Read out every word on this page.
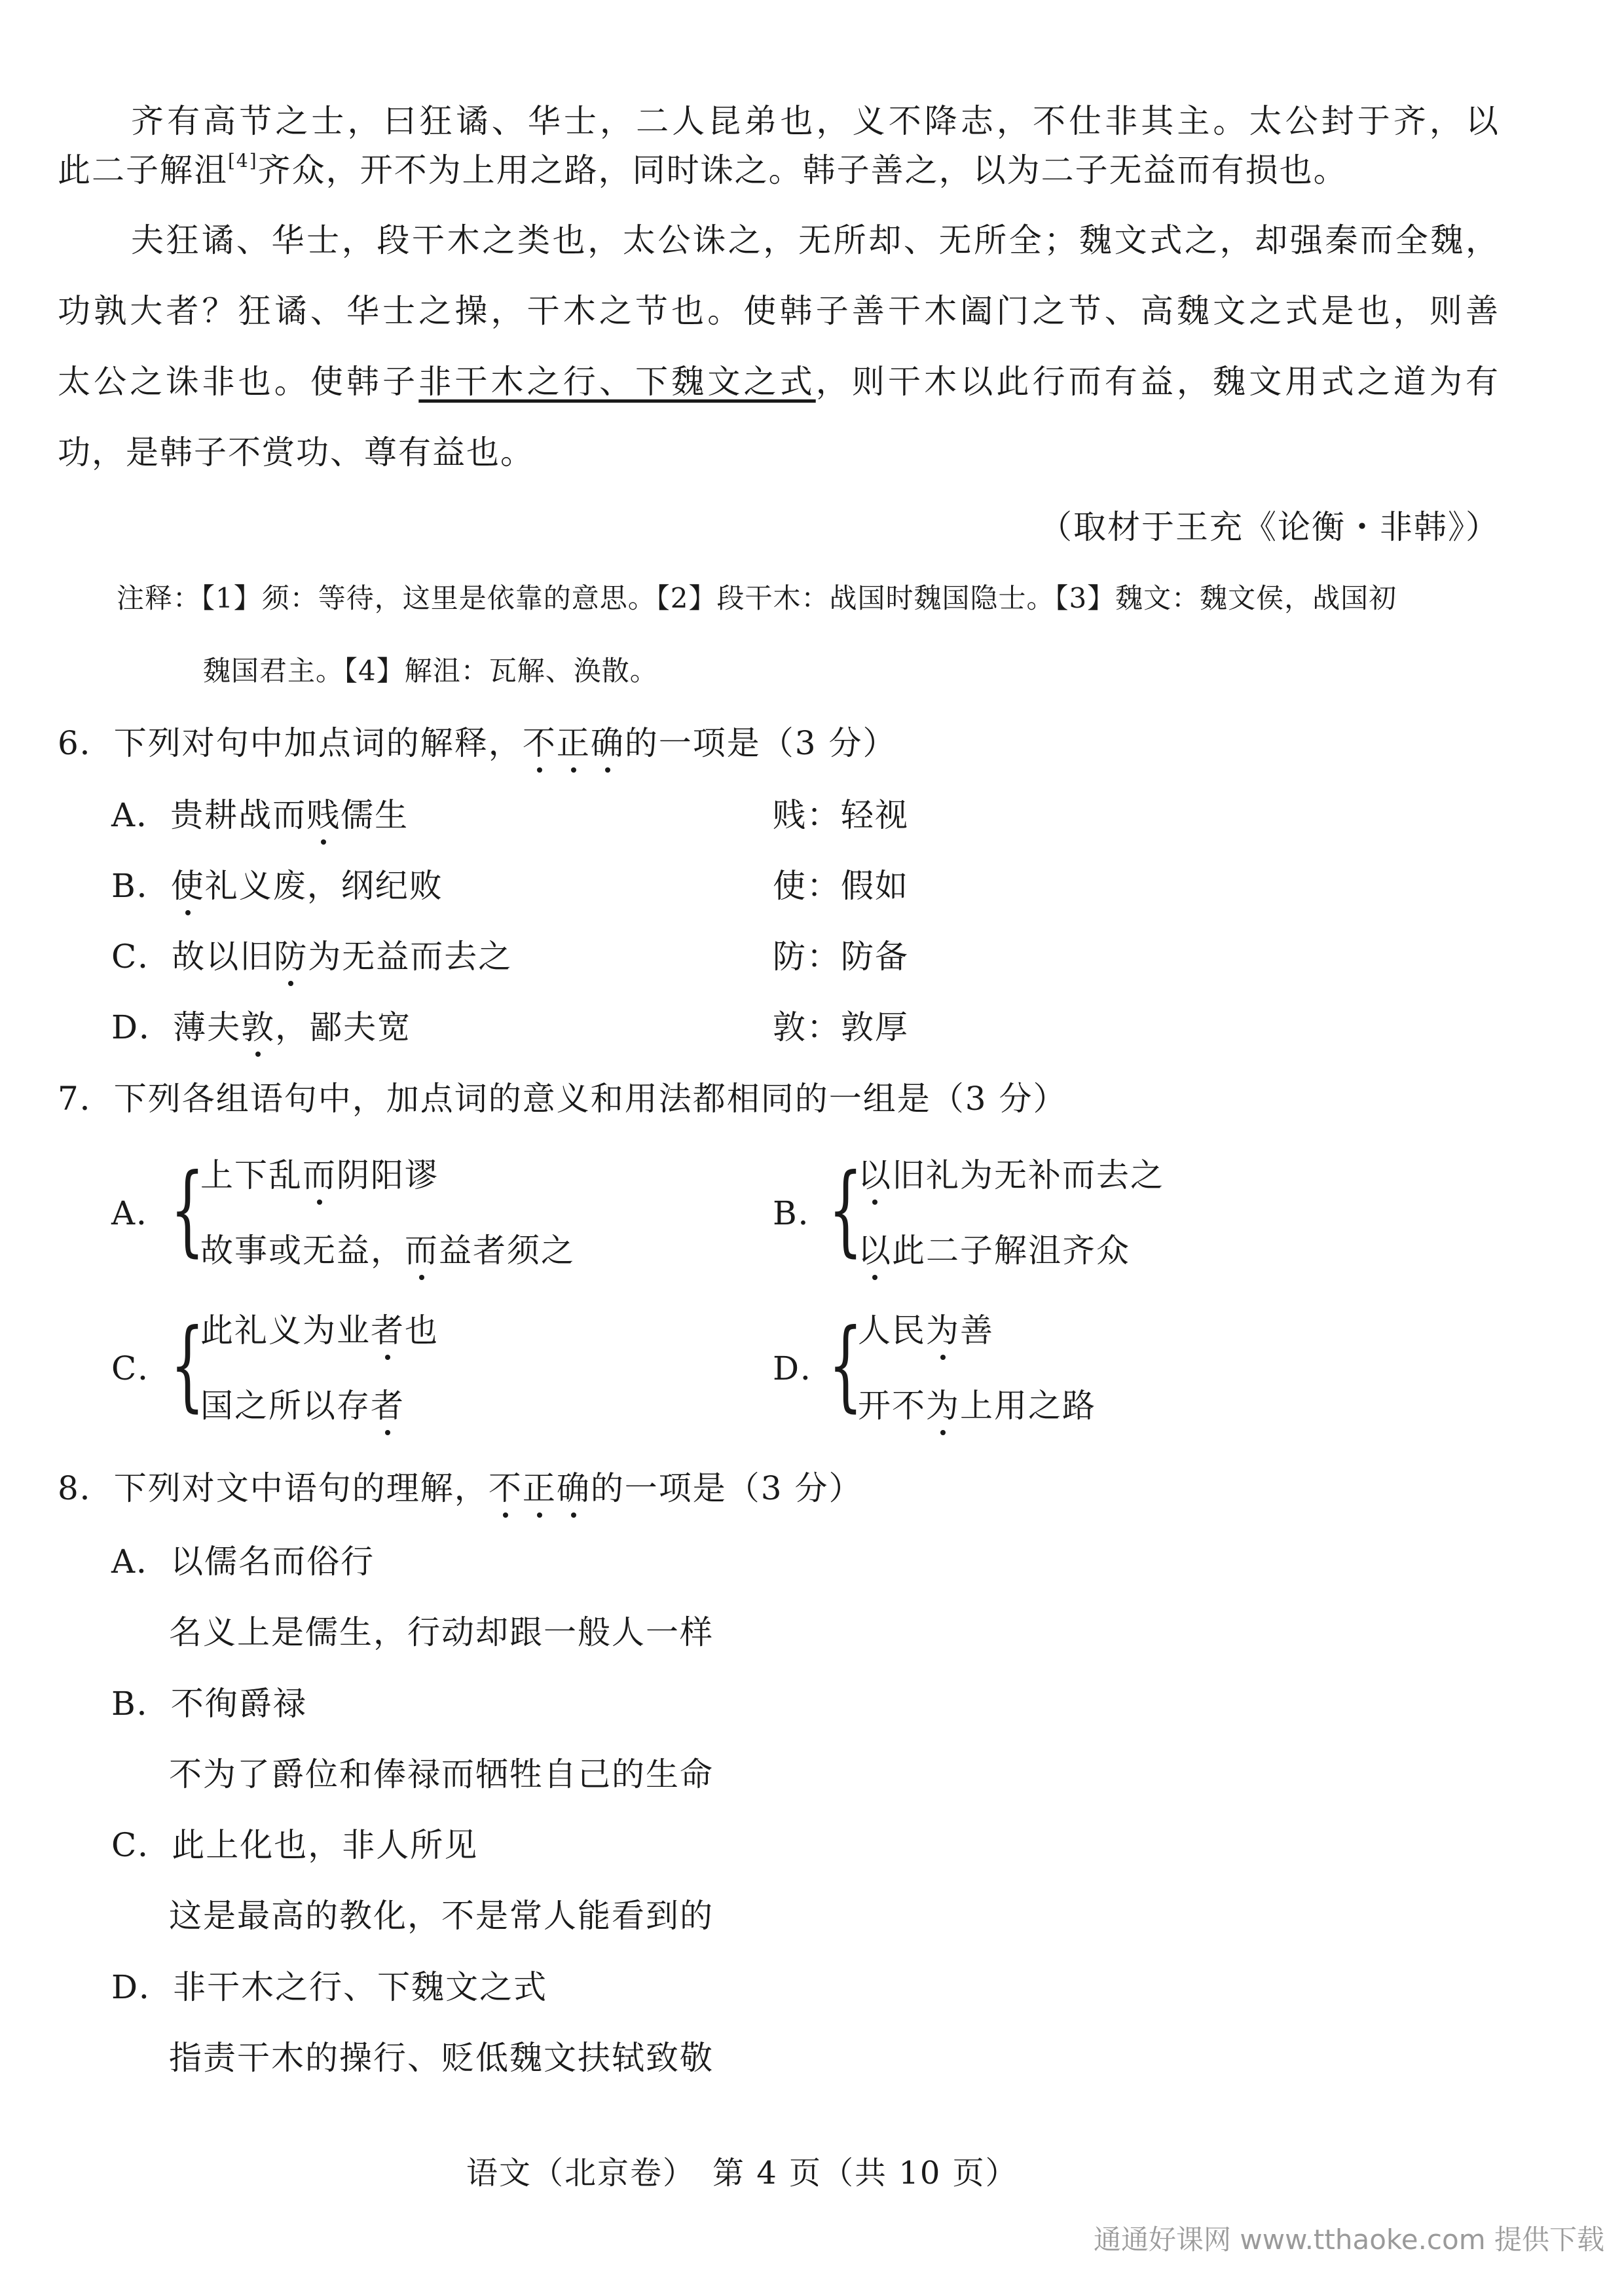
齐有高节之士，曰狂谲、华士，二人昆弟也，义不降志，不仕非其主。太公封于齐，以
此二子解沮[4]齐众，开不为上用之路，同时诛之。韩子善之，以为二子无益而有损也。
夫狂谲、华士，段干木之类也，太公诛之，无所却、无所全；魏文式之，却强秦而全魏，
功孰大者？狂谲、华士之操，干木之节也。使韩子善干木阖门之节、高魏文之式是也，则善
太公之诛非也。使韩子非干木之行、下魏文之式，则干木以此行而有益，魏文用式之道为有
功，是韩子不赏功、尊有益也。
（取材于王充《论衡・非韩》）
注释：【1】须：等待，这里是依靠的意思。【2】段干木：战国时魏国隐士。【3】魏文：魏文侯，战国初
魏国君主。【4】解沮：瓦解、涣散。
6．下列对句中加点词的解释，不正确的一项是（3 分）
A．贵耕战而贱儒生	贱：轻视
B．使礼义废，纲纪败	使：假如
C．故以旧防为无益而去之	防：防备
D．薄夫敦，鄙夫宽	敦：敦厚
7．下列各组语句中，加点词的意义和用法都相同的一组是（3 分）
A． {
上下乱而阴阳谬
故事或无益，而益者须之
B．
{
以旧礼为无补而去之
以此二子解沮齐众
C．
{
此礼义为业者也
国之所以存者
D．
{
人民为善
开不为上用之路
8．下列对文中语句的理解，不正确的一项是（3 分）
A．以儒名而俗行
名义上是儒生，行动却跟一般人一样
B．不徇爵禄
不为了爵位和俸禄而牺牲自己的生命
C．此上化也，非人所见
这是最高的教化，不是常人能看到的
D．非干木之行、下魏文之式
指责干木的操行、贬低魏文扶轼致敬
语文（北京卷）　第 4 页（共 10 页）
通通好课网 www.tthaoke.com 提供下载
